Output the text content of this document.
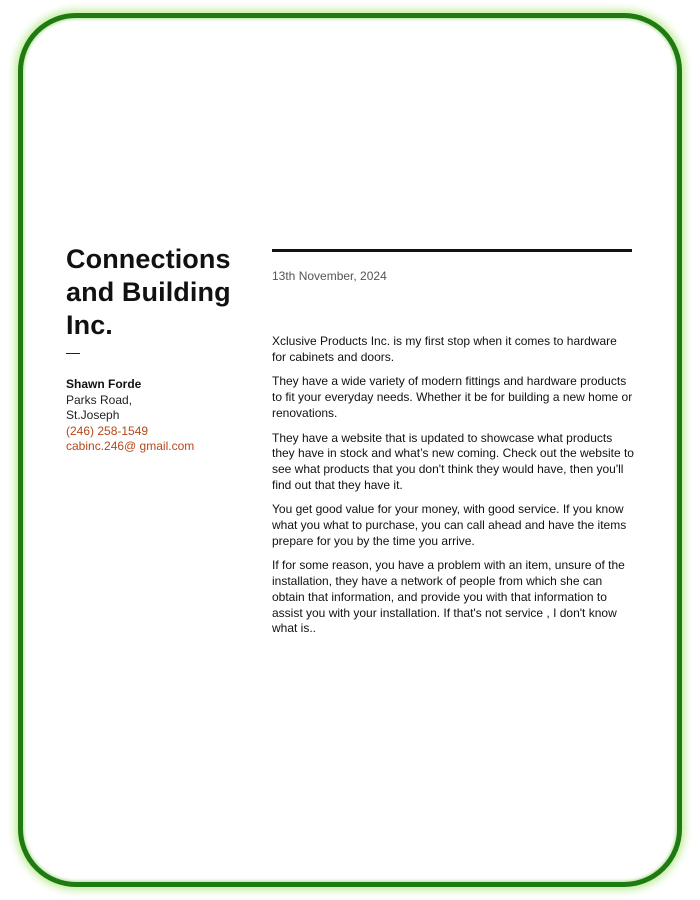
Connections and Building Inc.
Shawn Forde
Parks Road,
St.Joseph
(246) 258-1549
cabinc.246@ gmail.com
13th November, 2024

Xclusive Products Inc. is my first stop when it comes to hardware for cabinets and doors.

They have a wide variety of modern fittings and hardware products to fit your everyday needs. Whether it be for building a new home or renovations.

They have a website that is updated to showcase what products they have in stock and what’s new coming. Check out the website to see what products that you don't think they would have, then you'll find out that they have it.

You get good value for your money, with good service. If you know what you what to purchase, you can call ahead and have the items prepare for you by the time you arrive.

If for some reason, you have a problem with an item, unsure of the installation, they have a network of people from which she can obtain that information, and provide you with that information to assist you with your installation. If that's not service , I don't know what is..
